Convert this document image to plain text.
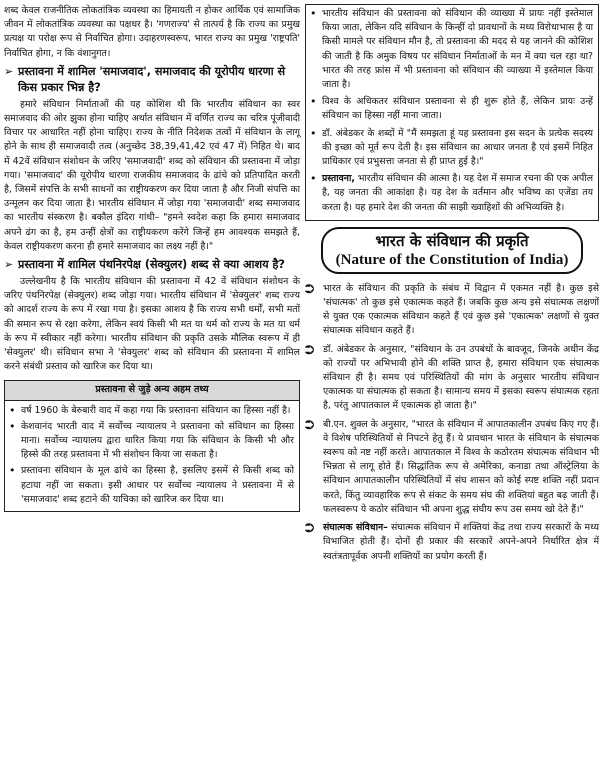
शब्द केवल राजनीतिक लोकतांत्रिक व्यवस्था का हिमायती न होकर आर्थिक एवं सामाजिक जीवन में लोकतांत्रिक व्यवस्था का पक्षधर है। 'गणराज्य' से तात्पर्य है कि राज्य का प्रमुख प्रत्यक्ष या परोक्ष रूप से निर्वाचित होगा। उदाहरणस्वरूप, भारत राज्य का प्रमुख 'राष्ट्रपति' निर्वाचित होगा, न कि वंशानुगत।

➢ प्रस्तावना में शामिल 'समाजवाद', समाजवाद की यूरोपीय धारणा से किस प्रकार भिन्न है?

हमारे संविधान निर्माताओं की यह कोशिश थी कि भारतीय संविधान का स्वर समाजवाद की ओर झुका होना चाहिए अर्थात संविधान में वर्णित राज्य का चरित्र पूंजीवादी विचार पर आधारित नहीं होना चाहिए। राज्य के नीति निदेशक तत्वों में संविधान के लागू होने के साथ ही समाजवादी तत्व (अनुच्छेद 38,39,41,42 एवं 47 में) निहित थे। बाद में 42वें संविधान संशोधन के जरिए 'समाजवादी' शब्द को संविधान की प्रस्तावना में जोड़ा गया। 'समाजवाद' की यूरोपीय धारणा राजकीय समाजवाद के ढांचे को प्रतिपादित करती है, जिसमें संपत्ति के सभी साधनों का राष्ट्रीयकरण कर दिया जाता है और निजी संपत्ति का उन्मूलन कर दिया जाता है। भारतीय संविधान में जोड़ा गया 'समाजवादी' शब्द समाजवाद का भारतीय संस्करण है। बकौल इंदिरा गांधी– "हमने स्वदेश कहा कि हमारा समाजवाद अपने ढंग का है, हम उन्हीं क्षेत्रों का राष्ट्रीयकरण करेंगे जिन्हें हम आवश्यक समझते हैं, केवल राष्ट्रीयकरण करना ही हमारे समाजवाद का लक्ष्य नहीं है।"

➢ प्रस्तावना में शामिल पंथनिरपेक्ष (सेक्युलर) शब्द से क्या आशय है?

उल्लेखनीय है कि भारतीय संविधान की प्रस्तावना में 42 वें संविधान संशोधन के जरिए पंथनिरपेक्ष (सेक्युलर) शब्द जोड़ा गया। भारतीय संविधान में 'सेक्युलर' शब्द राज्य को आदर्श राज्य के रूप में रखा गया है। इसका आशय है कि राज्य सभी धर्मों, सभी मतों की समान रूप से रक्षा करेगा, लेकिन स्वयं किसी भी मत या धर्म को राज्य के मत या धर्म के रूप में स्वीकार नहीं करेगा। भारतीय संविधान की प्रकृति उसके मौलिक स्वरूप में ही 'सेक्युलर' थी। संविधान सभा ने 'सेक्युलर' शब्द को संविधान की प्रस्तावना में शामिल करने संबंधी प्रस्ताव को खारिज कर दिया था।

प्रस्तावना से जुड़े अन्य अहम तथ्य
• वर्ष 1960 के बेरुबारी वाद में कहा गया कि प्रस्तावना संविधान का हिस्सा नहीं है।
• केशवानंद भारती वाद में सर्वोच्च न्यायालय ने प्रस्तावना को संविधान का हिस्सा माना। सर्वोच्च न्यायालय द्वारा धारित किया गया कि संविधान के किसी भी और हिस्से की तरह प्रस्तावना में भी संशोधन किया जा सकता है।
• प्रस्तावना संविधान के मूल ढांचे का हिस्सा है, इसलिए इसमें से किसी शब्द को हटाया नहीं जा सकता। इसी आधार पर सर्वोच्च न्यायालय ने प्रस्तावना में से 'समाजवाद' शब्द हटाने की याचिका को खारिज कर दिया था।
• भारतीय संविधान की प्रस्तावना को संविधान की व्याख्या में प्रायः नहीं इस्तेमाल किया जाता, लेकिन यदि संविधान के किन्हीं दो प्रावधानों के मध्य विरोधाभास है या किसी मामले पर संविधान मौन है, तो प्रस्तावना की मदद से यह जानने की कोशिश की जाती है कि अमुक विषय पर संविधान निर्माताओं के मन में क्या चल रहा था? भारत की तरह फ्रांस में भी प्रस्तावना को संविधान की व्याख्या में इस्तेमाल किया जाता है।
• विश्व के अधिकतर संविधान प्रस्तावना से ही शुरू होते हैं, लेकिन प्रायः उन्हें संविधान का हिस्सा नहीं माना जाता।
• डॉ. अंबेडकर के शब्दों में "मैं समझता हूं यह प्रस्तावना इस सदन के प्रत्येक सदस्य की इच्छा को मूर्त रूप देती है। इस संविधान का आधार जनता है एवं इसमें निहित प्राधिकार एवं प्रभुसत्ता जनता से ही प्राप्त हुई है।"
• प्रस्तावना, भारतीय संविधान की आत्मा है। यह देश में समाज रचना की एक अपील है, यह जनता की आकांक्षा है। यह देश के वर्तमान और भविष्य का एजेंडा तय करता है। यह हमारे देश की जनता की साझी ख्वाहिशों की अभिव्यक्ति है।
भारत के संविधान की प्रकृति
(Nature of the Constitution of India)
⮊ भारत के संविधान की प्रकृति के संबंध में विद्वान में एकमत नहीं है। कुछ इसे 'संघात्मक' तो कुछ इसे एकात्मक कहते हैं। जबकि कुछ अन्य इसे संघात्मक लक्षणों से युक्त एक एकात्मक संविधान कहते हैं एवं कुछ इसे 'एकात्मक' लक्षणों से युक्त संघात्मक संविधान कहते हैं।
⮊ डॉ. अंबेडकर के अनुसार, "संविधान के उन उपबंधों के बावजूद, जिनके अधीन केंद्र को राज्यों पर अभिभावी होने की शक्ति प्राप्त है, हमारा संविधान एक संघात्मक संविधान ही है। समय एवं परिस्थितियों की मांग के अनुसार भारतीय संविधान एकात्मक या संघात्मक हो सकता है। सामान्य समय में इसका स्वरूप संघात्मक रहता है, परंतु आपातकाल में एकात्मक हो जाता है।"
⮊ बी.एन. शुक्ल के अनुसार, "भारत के संविधान में आपातकालीन उपबंध किए गए हैं। वे विशेष परिस्थितियों से निपटने हेतु हैं। ये प्रावधान भारत के संविधान के संघात्मक स्वरूप को नष्ट नहीं करते। आपातकाल में विश्व के कठोरतम संघात्मक संविधान भी भिन्नता से लागू होते हैं। सिद्धांतिक रूप से अमेरिका, कनाडा तथा ऑस्ट्रेलिया के संविधान आपातकालीन परिस्थितियों में संघ शासन को कोई स्पष्ट शक्ति नहीं प्रदान करते, किंतु व्यावहारिक रूप से संकट के समय संघ की शक्तियां बहुत बढ़ जाती हैं। फलस्वरूप ये कठोर संविधान भी अपना शुद्ध संघीय रूप उस समय खो देते हैं।"
⮊ संघात्मक संविधान– संघात्मक संविधान में शक्तियां केंद्र तथा राज्य सरकारों के मध्य विभाजित होती हैं। दोनों ही प्रकार की सरकारें अपने-अपने निर्धारित क्षेत्र में स्वतंत्रतापूर्वक अपनी शक्तियों का प्रयोग करती हैं।
